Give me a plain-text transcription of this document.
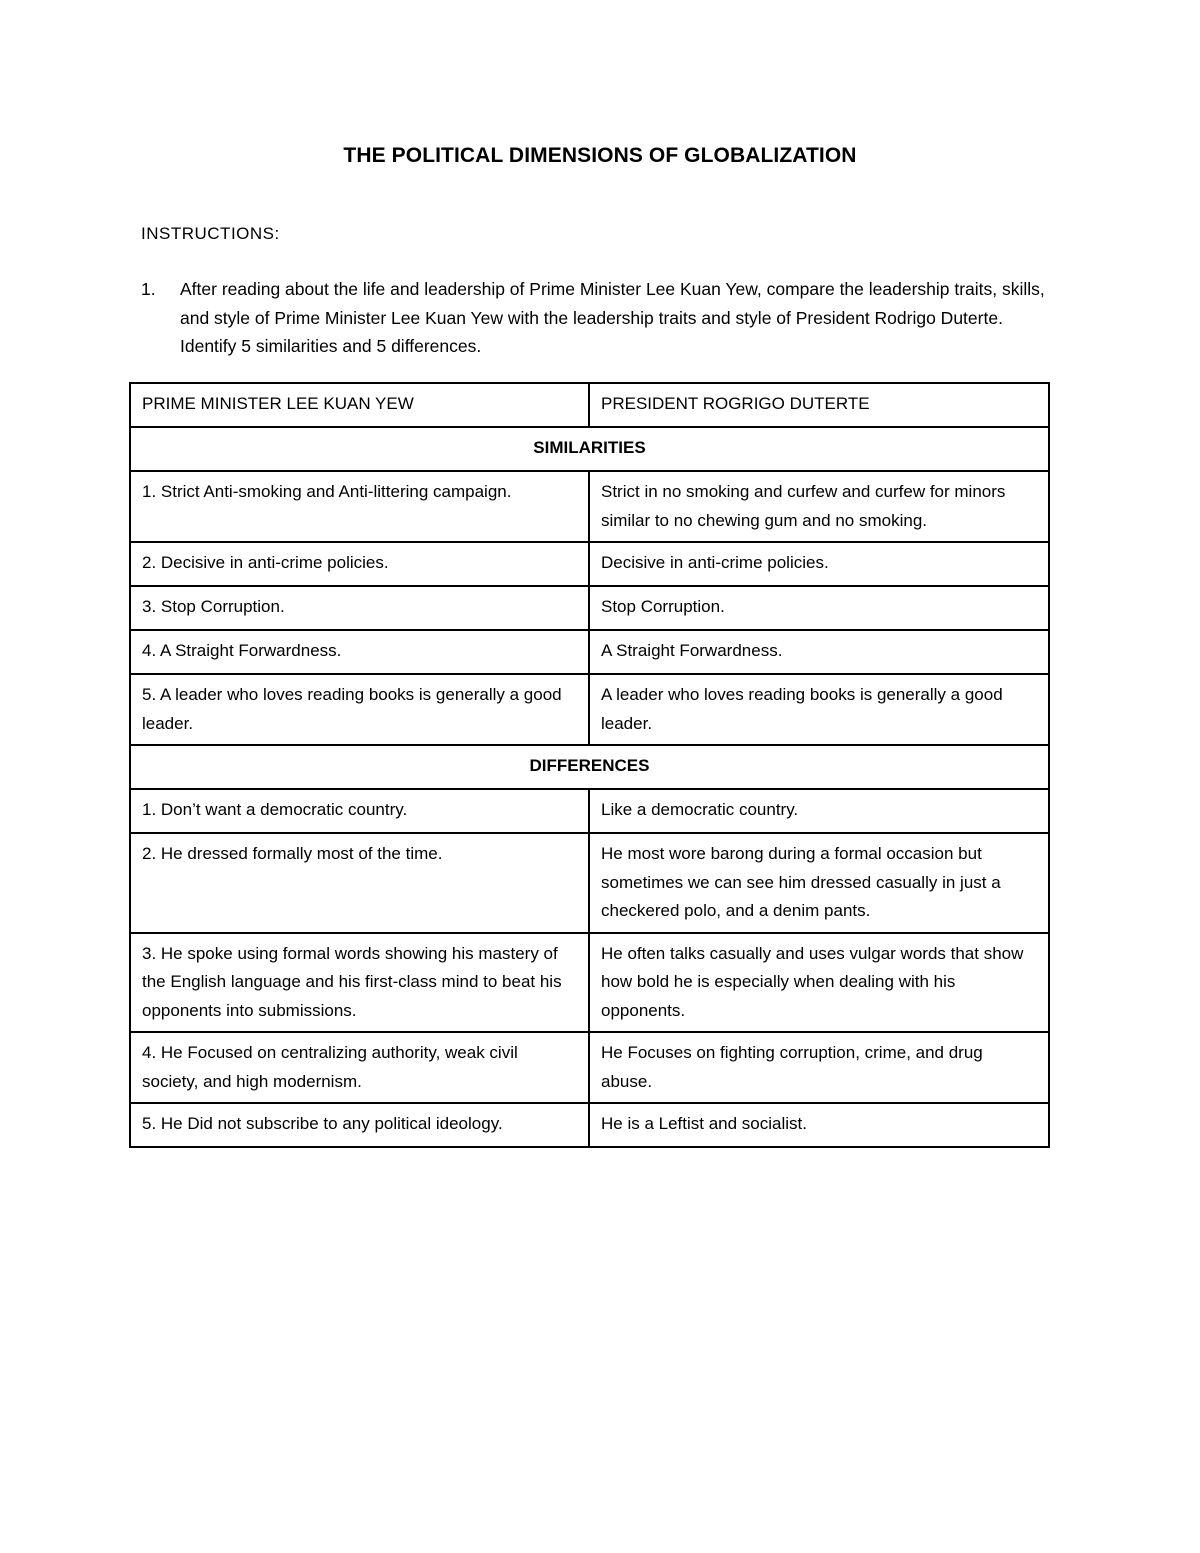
THE POLITICAL DIMENSIONS OF GLOBALIZATION
INSTRUCTIONS:
1. After reading about the life and leadership of Prime Minister Lee Kuan Yew, compare the leadership traits, skills, and style of Prime Minister Lee Kuan Yew with the leadership traits and style of President Rodrigo Duterte. Identify 5 similarities and 5 differences.
PRIME MINISTER LEE KUAN YEW	PRESIDENT ROGRIGO DUTERTE
SIMILARITIES	
1. Strict Anti-smoking and Anti-littering campaign.	Strict in no smoking and curfew and curfew for minors similar to no chewing gum and no smoking.
2. Decisive in anti-crime policies.	Decisive in anti-crime policies.
3. Stop Corruption.	Stop Corruption.
4. A Straight Forwardness.	A Straight Forwardness.
5. A leader who loves reading books is generally a good leader.	A leader who loves reading books is generally a good leader.
DIFFERENCES	
1. Don’t want a democratic country.	Like a democratic country.
2. He dressed formally most of the time.	He most wore barong during a formal occasion but sometimes we can see him dressed casually in just a checkered polo, and a denim pants.
3. He spoke using formal words showing his mastery of the English language and his first-class mind to beat his opponents into submissions.	He often talks casually and uses vulgar words that show how bold he is especially when dealing with his opponents.
4. He Focused on centralizing authority, weak civil society, and high modernism.	He Focuses on fighting corruption, crime, and drug abuse.
5. He Did not subscribe to any political ideology.	He is a Leftist and socialist.
